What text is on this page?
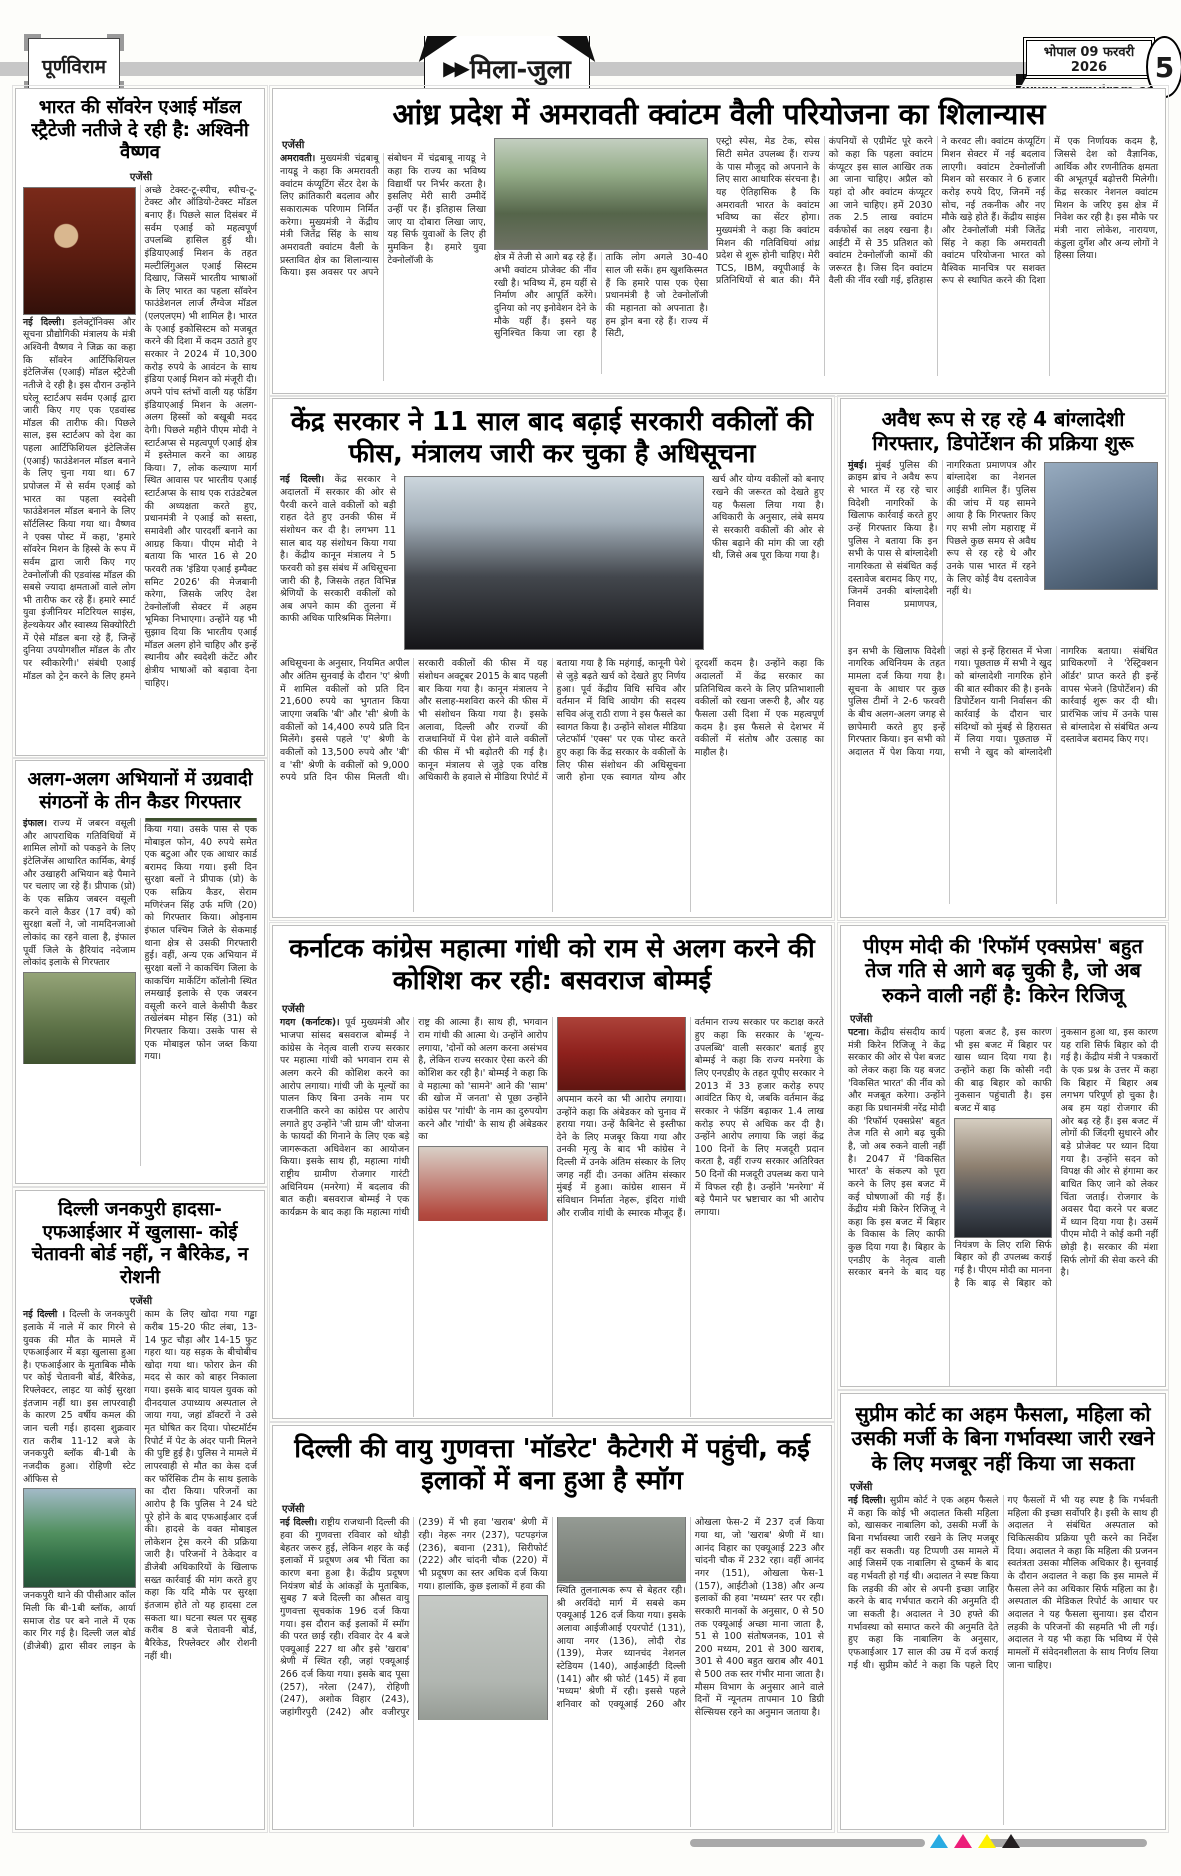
पूर्णविराम	▶▶ मिला-जुला
भोपाल 09 फरवरी 2026	5
भारत की सॉवरेन एआई मॉडल स्ट्रैटेजी नतीजे दे रही है: अश्विनी वैष्णव
एजेंसी
नई दिल्ली। इलेक्ट्रॉनिक्स और सूचना प्रौद्योगिकी मंत्रालय के मंत्री अश्विनी वैष्णव ने जिक्र का कहा कि सॉवरेन आर्टिफिशियल इंटेलिजेंस (एआई) मॉडल स्ट्रैटेजी नतीजे दे रही है। इस दौरान उन्होंने घरेलू स्टार्टअप सर्वम एआई द्वारा जारी किए गए एक एडवांस्ड मॉडल की तारीफ की। पिछले साल, इस स्टार्टअप को देश का पहला आर्टिफिशियल इंटेलिजेंस (एआई) फाउंडेशनल मॉडल बनाने के लिए चुना गया था। 67 प्रपोजल में से सर्वम एआई को भारत का पहला स्वदेसी फाउंडेशनल मॉडल बनाने के लिए सॉर्टलिस्ट किया गया था। वैष्णव ने एक्स पोस्ट में कहा, 'हमारे सॉवरेन मिशन के हिस्से के रूप में सर्वम द्वारा जारी किए गए टेक्नोलॉजी की एडवांस्ड मॉडल की सबसे ज्यादा क्षमताओं वाले लोग भी तारीफ कर रहे हैं। हमारे स्मार्ट युवा इंजीनियर मटिरियल साइंस, हेल्थकेयर और स्वास्थ्य सिक्योरिटी में ऐसे मॉडल बना रहे हैं, जिन्हें दुनिया उपयोगशील मॉडल के तौर पर स्वीकारेगी।' संबंधी एआई मॉडल को ट्रेन करने के लिए हमने अच्छे टेक्स्ट-टू-स्पीच, स्पीच-टू-टेक्स्ट और ऑडियो-टेक्स्ट मॉडल बनाए हैं। पिछले साल दिसंबर में सर्वम एआई को महत्वपूर्ण उपलब्धि हासिल हुई थी। इंडियाएआई मिशन के तहत मल्टीलिंगुअल एआई सिस्टम दिखाए, जिसमें भारतीय भाषाओं के लिए भारत का पहला सॉवरेन फाउंडेशनल लार्ज लैंग्वेज मॉडल (एलएलएम) भी शामिल है। भारत के एआई इकोसिस्टम को मजबूत करने की दिशा में कदम उठाते हुए सरकार ने 2024 में 10,300 करोड़ रुपये के आवंटन के साथ इंडिया एआई मिशन को मंजूरी दी। अपने पांच स्तंभों वाली यह फंडिंग इंडियाएआई मिशन के अलग-अलग हिस्सों को बखूबी मदद देगी। पिछले महीने पीएम मोदी ने स्टार्टअप्स से महत्वपूर्ण एआई क्षेत्र में इस्तेमाल करने का आग्रह किया। 7, लोक कल्याण मार्ग स्थित आवास पर भारतीय एआई स्टार्टअप्स के साथ एक राउंडटेबल की अध्यक्षता करते हुए, प्रधानमंत्री ने एआई को सस्ता, समावेशी और पारदर्शी बनाने का आग्रह किया। पीएम मोदी ने बताया कि भारत 16 से 20 फरवरी तक 'इंडिया एआई इम्पैक्ट समिट 2026' की मेजबानी करेगा, जिसके जरिए देश टेक्नोलॉजी सेक्टर में अहम भूमिका निभाएगा। उन्होंने यह भी सुझाव दिया कि भारतीय एआई मॉडल अलग होने चाहिए और इन्हें स्थानीय और स्वदेशी कंटेंट और क्षेत्रीय भाषाओं को बढ़ावा देना चाहिए।
आंध्र प्रदेश में अमरावती क्वांटम वैली परियोजना का शिलान्यास
एजेंसी
अमरावती। मुख्यमंत्री चंद्रबाबू नायडू ने कहा कि अमरावती क्वांटम कंप्यूटिंग सेंटर देश के लिए क्रांतिकारी बदलाव और सकारात्मक परिणाम निर्मित करेगा। मुख्यमंत्री ने केंद्रीय मंत्री जितेंद्र सिंह के साथ अमरावती क्वांटम वैली के प्रस्तावित क्षेत्र का शिलान्यास किया। इस अवसर पर अपने संबोधन में चंद्रबाबू नायडू ने कहा कि राज्य का भविष्य विद्यार्थी पर निर्भर करता है। इसलिए मेरी सारी उम्मीदें उन्हीं पर हैं। इतिहास लिखा जाए या दोबारा लिखा जाए, यह सिर्फ युवाओं के लिए ही मुमकिन है। हमारे युवा टेक्नोलॉजी के	क्षेत्र में तेजी से आगे बढ़ रहे हैं। अभी क्वांटम प्रोजेक्ट की नींव रखी है। भविष्य में, हम यहीं से निर्माण और आपूर्ति करेंगे। दुनिया को नए इनोवेशन देने के मौके यहीं हैं। इसने यह सुनिश्चित किया जा रहा है ताकि लोग अगले 30-40 साल जी सकें। हम खुशकिस्मत हैं कि हमारे पास एक ऐसा प्रधानमंत्री है जो टेक्नोलॉजी की महानता को अपनाता है। हम ड्रोन बना रहे हैं। राज्य में सिटी,
एस्ट्रो स्पेस, मेड टेक, स्पेस सिटी समेत उपलब्ध हैं। राज्य के पास मौजूद को अपनाने के लिए सारा आधारिक संरचना है। यह ऐतिहासिक है कि अमरावती भारत के क्वांटम भविष्य का सेंटर होगा। मुख्यमंत्री ने कहा कि क्वांटम मिशन की गतिविधियां आंध्र प्रदेश से शुरू होनी चाहिए। मेरी TCS, IBM, क्यूपीआई के प्रतिनिधियों से बात की। मैंने कंपनियों से एग्रीमेंट पूरे करने को कहा कि पहला क्वांटम कंप्यूटर इस साल आखिर तक आ जाना चाहिए। अप्रैल को यहां दो और क्वांटम कंप्यूटर आ जाने चाहिए। हमें 2030 तक 2.5 लाख क्वांटम वर्कफोर्स का लक्ष्य रखना है। आईटी में से 35 प्रतिशत को क्वांटम टेक्नोलॉजी कामों की जरूरत है। जिस दिन क्वांटम वैली की नींव रखी गई, इतिहास ने करवट ली। क्वांटम कंप्यूटिंग मिशन सेक्टर में नई बदलाव लाएगी। क्वांटम टेक्नोलॉजी मिशन को सरकार ने 6 हजार करोड़ रुपये दिए, जिनमें नई सोच, नई तकनीक और नए मौके खड़े होते हैं। केंद्रीय साइंस और टेक्नोलॉजी मंत्री जितेंद्र सिंह ने कहा कि अमरावती क्वांटम परियोजना भारत को वैश्विक मानचित्र पर सशक्त रूप से स्थापित करने की दिशा में एक निर्णायक कदम है, जिससे देश को वैज्ञानिक, आर्थिक और रणनीतिक क्षमता की अभूतपूर्व बढ़ोत्तरी मिलेगी। केंद्र सरकार नेशनल क्वांटम मिशन के जरिए इस क्षेत्र में निवेश कर रही है। इस मौके पर मंत्री नारा लोकेश, नारायण, कंडुला दुर्गेश और अन्य लोगों ने हिस्सा लिया।
केंद्र सरकार ने 11 साल बाद बढ़ाई सरकारी वकीलों की फीस, मंत्रालय जारी कर चुका है अधिसूचना
नई दिल्ली। केंद्र सरकार ने अदालतों में सरकार की ओर से पैरवी करने वाले वकीलों को बड़ी राहत देते हुए उनकी फीस में संशोधन कर दी है। लगभग 11 साल बाद यह संशोधन किया गया है। केंद्रीय कानून मंत्रालय ने 5 फरवरी को इस संबंध में अधिसूचना जारी की है, जिसके तहत विभिन्न श्रेणियों के सरकारी वकीलों को अब अपने काम की तुलना में काफी अधिक पारिश्रमिक मिलेगा।
खर्च और योग्य वकीलों को बनाए रखने की जरूरत को देखते हुए यह फैसला लिया गया है। अधिकारी के अनुसार, लंबे समय से सरकारी वकीलों की ओर से फीस बढ़ाने की मांग की जा रही थी, जिसे अब पूरा किया गया है।
अधिसूचना के अनुसार, नियमित अपील और अंतिम सुनवाई के दौरान 'ए' श्रेणी में शामिल वकीलों को प्रति दिन 21,600 रुपये का भुगतान किया जाएगा जबकि 'बी' और 'सी' श्रेणी के वकीलों को 14,400 रुपये प्रति दिन मिलेंगे। इससे पहले 'ए' श्रेणी के वकीलों को 13,500 रुपये और 'बी' व 'सी' श्रेणी के वकीलों को 9,000 रुपये प्रति दिन फीस मिलती थी। सरकारी वकीलों की फीस में यह संशोधन अक्टूबर 2015 के बाद पहली बार किया गया है। कानून मंत्रालय ने और सलाह-मशविरा करने की फीस में भी संशोधन किया गया है। इसके अलावा, दिल्ली और राज्यों की राजधानियों में पेश होने वाले वकीलों की फीस में भी बढ़ोतरी की गई है। कानून मंत्रालय से जुड़े एक वरिष्ठ अधिकारी के हवाले से मीडिया रिपोर्ट में बताया गया है कि महंगाई, कानूनी पेशे से जुड़े बढ़ते खर्च को देखते हुए निर्णय हुआ। पूर्व केंद्रीय विधि सचिव और वर्तमान में विधि आयोग की सदस्य सचिव अंजू राठी राणा ने इस फैसले का स्वागत किया है। उन्होंने सोशल मीडिया प्लेटफॉर्म 'एक्स' पर एक पोस्ट करते हुए कहा कि केंद्र सरकार के वकीलों के लिए फीस संशोधन की अधिसूचना जारी होना एक स्वागत योग्य और दूरदर्शी कदम है। उन्होंने कहा कि अदालतों में केंद्र सरकार का प्रतिनिधित्व करने के लिए प्रतिभाशाली वकीलों को रखना जरूरी है, और यह फैसला उसी दिशा में एक महत्वपूर्ण कदम है। इस फैसले से देशभर में वकीलों में संतोष और उत्साह का माहौल है।
अवैध रूप से रह रहे 4 बांग्लादेशी गिरफ्तार, डिपोर्टेशन की प्रक्रिया शुरू
मुंबई। मुंबई पुलिस की क्राइम ब्रांच ने अवैध रूप से भारत में रह रहे चार विदेशी नागरिकों के खिलाफ कार्रवाई करते हुए उन्हें गिरफ्तार किया है। पुलिस ने बताया कि इन सभी के पास से बांग्लादेशी नागरिकता से संबंधित कई दस्तावेज बरामद किए गए, जिनमें उनकी बांग्लादेशी निवास प्रमाणपत्र, नागरिकता प्रमाणपत्र और बांग्लादेश का नेशनल आईडी शामिल हैं। पुलिस की जांच में यह सामने आया है कि गिरफ्तार किए गए सभी लोग महाराष्ट्र में पिछले कुछ समय से अवैध रूप से रह रहे थे और उनके पास भारत में रहने के लिए कोई वैध दस्तावेज नहीं थे।
इन सभी के खिलाफ विदेशी नागरिक अधिनियम के तहत मामला दर्ज किया गया है। सूचना के आधार पर कुछ पुलिस टीमों ने 2-6 फरवरी के बीच अलग-अलग जगह से छापेमारी करते हुए इन्हें गिरफ्तार किया। इन सभी को अदालत में पेश किया गया, जहां से इन्हें हिरासत में भेजा गया। पूछताछ में सभी ने खुद को बांग्लादेशी नागरिक होने की बात स्वीकार की है। इनके डिपोर्टेशन यानी निर्वासन की कार्रवाई के दौरान चार संदिग्धों को मुंबई से हिरासत में लिया गया। पूछताछ में सभी ने खुद को बांग्लादेशी नागरिक बताया। संबंधित प्राधिकरणों ने 'रेस्ट्रिक्शन ऑर्डर' प्राप्त करते ही इन्हें वापस भेजने (डिपोर्टेशन) की कार्रवाई शुरू कर दी थी। प्रारंभिक जांच में उनके पास से बांग्लादेश से संबंधित अन्य दस्तावेज बरामद किए गए।
अलग-अलग अभियानों में उग्रवादी संगठनों के तीन कैडर गिरफ्तार
इंफाल। राज्य में जबरन वसूली और आपराधिक गतिविधियों में शामिल लोगों को पकड़ने के लिए इंटेलिजेंस आधारित कार्मिक, बेगई और उखाहरी अभियान बड़े पैमाने पर चलाए जा रहे हैं। प्रीपाक (प्रो) के एक सक्रिय जबरन वसूली करने वाले कैडर (17 वर्ष) को सुरक्षा बलों ने, जो नामदिनजाओ लोकांद का रहने वाला है, इंफाल पूर्वी जिले के हैरियांद नदेजाम लोकांद इलाके से गिरफ्तार
किया गया। उसके पास से एक मोबाइल फोन, 40 रुपये समेत एक बटुआ और एक आधार कार्ड बरामद किया गया। इसी दिन सुरक्षा बलों ने प्रीपाक (प्रो) के एक सक्रिय कैडर, सेराम मणिरंजन सिंह उर्फ मणि (20) को गिरफ्तार किया। ओइनाम इंफाल पश्चिम जिले के सेकमाई थाना क्षेत्र से उसकी गिरफ्तारी हुई। वहीं, अन्य एक अभियान में सुरक्षा बलों ने काकचिंग जिला के काकचिंग मार्केटिंग कॉलोनी स्थित लमखाई इलाके से एक जबरन वसूली करने वाले केसीपी कैडर तखेलंबम मोहन सिंह (31) को गिरफ्तार किया। उसके पास से एक मोबाइल फोन जब्त किया गया।
कर्नाटक कांग्रेस महात्मा गांधी को राम से अलग करने की कोशिश कर रही: बसवराज बोम्मई
एजेंसी
गदग (कर्नाटक)। पूर्व मुख्यमंत्री और भाजपा सांसद बसवराज बोम्मई ने कांग्रेस के नेतृत्व वाली राज्य सरकार पर महात्मा गांधी को भगवान राम से अलग करने की कोशिश करने का आरोप लगाया। गांधी जी के मूल्यों का पालन किए बिना उनके नाम पर राजनीति करने का कांग्रेस पर आरोप लगाते हुए उन्होंने 'जी ग्राम जी' योजना के फायदों की गिनाने के लिए एक बड़े जागरूकता अधिवेशन का आयोजन किया। इसके साथ ही, महात्मा गांधी राष्ट्रीय ग्रामीण रोजगार गारंटी अधिनियम (मनरेगा) में बदलाव की बात कही। बसवराज बोम्मई ने एक कार्यक्रम के बाद कहा कि महात्मा गांधी राष्ट्र की आत्मा हैं। साथ ही, भगवान राम गांधी की आत्मा थे। उन्होंने आरोप लगाया, 'दोनों को अलग करना असंभव है, लेकिन राज्य सरकार ऐसा करने की कोशिश कर रही है।' बोम्मई ने कहा कि वे महात्मा को 'सामने' आने की 'साम' की खोज में जनता' से पूछा उन्होंने कांग्रेस पर 'गांधी' के नाम का दुरुपयोग करने और 'गांधी' के साथ ही अंबेडकर का
अपमान करने का भी आरोप लगाया। उन्होंने कहा कि अंबेडकर को चुनाव में हराया गया। उन्हें कैबिनेट से इस्तीफा देने के लिए मजबूर किया गया और उनकी मृत्यु के बाद भी कांग्रेस ने दिल्ली में उनके अंतिम संस्कार के लिए जगह नहीं दी। उनका अंतिम संस्कार मुंबई में हुआ। कांग्रेस शासन में संविधान निर्माता नेहरू, इंदिरा गांधी और राजीव गांधी के स्मारक मौजूद हैं। वर्तमान राज्य सरकार पर कटाक्ष करते हुए कहा कि सरकार के 'शून्य-उपलब्धि' वाली सरकार' बताई हुए बोम्मई ने कहा कि राज्य मनरेगा के लिए एनएडीए के तहत यूपीए सरकार ने 2013 में 33 हजार करोड़ रुपए आवंटित किए थे, जबकि वर्तमान केंद्र सरकार ने फंडिंग बढ़ाकर 1.4 लाख करोड़ रुपए से अधिक कर दी है। उन्होंने आरोप लगाया कि जहां केंद्र 100 दिनों के लिए मजदूरी प्रदान करता है, वहीं राज्य सरकार अतिरिक्त 50 दिनों की मजदूरी उपलब्ध करा पाने में विफल रही है। उन्होंने 'मनरेगा' में बड़े पैमाने पर भ्रष्टाचार का भी आरोप लगाया।
पीएम मोदी की 'रिफॉर्म एक्सप्रेस' बहुत तेज गति से आगे बढ़ चुकी है, जो अब रुकने वाली नहीं है: किरेन रिजिजू
एजेंसी
पटना। केंद्रीय संसदीय कार्य मंत्री किरेन रिजिजू ने केंद्र सरकार की ओर से पेश बजट को लेकर कहा कि यह बजट 'विकसित भारत' की नींव को और मजबूत करेगा। उन्होंने कहा कि प्रधानमंत्री नरेंद्र मोदी की 'रिफॉर्म एक्सप्रेस' बहुत तेज गति से आगे बढ़ चुकी है, जो अब रुकने वाली नहीं है। 2047 में 'विकसित भारत' के संकल्प को पूरा करने के लिए इस बजट में कई घोषणाओं की गई हैं। केंद्रीय मंत्री किरेन रिजिजू ने कहा कि इस बजट में बिहार के विकास के लिए काफी कुछ दिया गया है। बिहार के एनडीए के नेतृत्व वाली सरकार बनने के बाद यह पहला बजट है, इस कारण भी इस बजट में बिहार पर खास ध्यान दिया गया है। उन्होंने कहा कि कोसी नदी की बाढ़ बिहार को काफी नुकसान पहुंचाती है। इस बजट में बाढ़
नियंत्रण के लिए राशि सिर्फ बिहार को ही उपलब्ध कराई गई है। पीएम मोदी का मानना है कि बाढ़ से बिहार को नुकसान हुआ था, इस कारण यह राशि सिर्फ बिहार को दी गई है। केंद्रीय मंत्री ने पत्रकारों के एक प्रश्न के उत्तर में कहा कि बिहार में बिहार अब लगभग परिपूर्ण हो चुका है। अब हम यहां रोजगार की ओर बढ़ रहे हैं। इस बजट में लोगों की जिंदगी सुधारने और बड़े प्रोजेक्ट पर ध्यान दिया गया है। उन्होंने सदन को विपक्ष की ओर से हंगामा कर बाधित किए जाने को लेकर चिंता जताई। रोजगार के अवसर पैदा करने पर बजट में ध्यान दिया गया है। उसमें पीएम मोदी ने कोई कमी नहीं छोड़ी है। सरकार की मंशा सिर्फ लोगों की सेवा करने की है।
दिल्ली जनकपुरी हादसा- एफआईआर में खुलासा- कोई चेतावनी बोर्ड नहीं, न बैरिकेड, न रोशनी
एजेंसी
नई दिल्ली । दिल्ली के जनकपुरी इलाके में नाले में कार गिरने से युवक की मौत के मामले में एफआईआर में बड़ा खुलासा हुआ है। एफआईआर के मुताबिक मौके पर कोई चेतावनी बोर्ड, बैरिकेड, रिफ्लेक्टर, लाइट या कोई सुरक्षा इंतजाम नहीं था। इस लापरवाही के कारण 25 वर्षीय कमल की जान चली गई। हादसा शुक्रवार रात करीब 11-12 बजे के जनकपुरी ब्लॉक बी-1बी के नजदीक हुआ। रोहिणी स्टेट ऑफिस से
जनकपुरी थाने की पीसीआर कॉल मिली कि बी-1बी ब्लॉक, आर्या समाज रोड पर बने नाले में एक कार गिर गई है। दिल्ली जल बोर्ड (डीजेबी) द्वारा सीवर लाइन के काम के लिए खोदा गया गड्ढा करीब 15-20 फीट लंबा, 13-14 फुट चौड़ा और 14-15 फुट गहरा था। यह सड़क के बीचोबीच खोदा गया था। फोरार क्रेन की मदद से कार को बाहर निकाला गया। इसके बाद घायल युवक को दीनदयाल उपाध्याय अस्पताल ले जाया गया, जहां डॉक्टरों ने उसे मृत घोषित कर दिया। पोस्टमॉर्टम रिपोर्ट में पेट के अंदर पानी मिलने की पुष्टि हुई है। पुलिस ने मामले में लापरवाही से मौत का केस दर्ज कर फॉरेंसिक टीम के साथ इलाके का दौरा किया। परिजनों का आरोप है कि पुलिस ने 24 घंटे पूरे होने के बाद एफआईआर दर्ज की। हादसे के वक्त मोबाइल लोकेशन ट्रेस करने की प्रक्रिया जारी है। परिजनों ने ठेकेदार व डीजेबी अधिकारियों के खिलाफ सख्त कार्रवाई की मांग करते हुए कहा कि यदि मौके पर सुरक्षा इंतजाम होते तो यह हादसा टल सकता था। घटना स्थल पर सुबह करीब 8 बजे चेतावनी बोर्ड, बैरिकेड, रिफ्लेक्टर और रोशनी नहीं थी।
दिल्ली की वायु गुणवत्ता 'मॉडरेट' कैटेगरी में पहुंची, कई इलाकों में बना हुआ है स्मॉग
एजेंसी
नई दिल्ली। राष्ट्रीय राजधानी दिल्ली की हवा की गुणवत्ता रविवार को थोड़ी बेहतर जरूर हुई, लेकिन शहर के कई इलाकों में प्रदूषण अब भी चिंता का कारण बना हुआ है। केंद्रीय प्रदूषण नियंत्रण बोर्ड के आंकड़ों के मुताबिक, सुबह 7 बजे दिल्ली का औसत वायु गुणवत्ता सूचकांक 196 दर्ज किया गया। इस दौरान कई इलाकों में स्मॉग की परत छाई रही। रविवार देर 4 बजे एक्यूआई 227 था और इसे 'खराब' श्रेणी में स्थित रही, जहां एक्यूआई 266 दर्ज किया गया। इसके बाद पूसा (257), नरेला (247), रोहिणी (247), अशोक विहार (243), जहांगीरपुरी (242) और वजीरपुर (239) में भी हवा 'खराब' श्रेणी में रही। नेहरू नगर (237), पटपड़गंज (236), बवाना (231), सिरीफोर्ट (222) और चांदनी चौक (220) में भी प्रदूषण का स्तर अधिक दर्ज किया गया। हालांकि, कुछ इलाकों में हवा की स्थिति तुलनात्मक रूप से बेहतर रही। श्री अरविंदो मार्ग में सबसे कम एक्यूआई 126 दर्ज किया गया। इसके अलावा आईजीआई एयरपोर्ट (131), आया नगर (136), लोदी रोड (139), मेजर ध्यानचंद नेशनल स्टेडियम (140), आईआईटी दिल्ली (141) और श्री फोर्ट (145) में हवा 'मध्यम' श्रेणी में रही। इससे पहले शनिवार को एक्यूआई 260 और ओखला फेस-2 में 237 दर्ज किया गया था, जो 'खराब' श्रेणी में था। आनंद विहार का एक्यूआई 223 और चांदनी चौक में 232 रहा। वहीं आनंद नगर (151), ओखला फेस-1 (157), आईटीओ (138) और अन्य इलाकों की हवा 'मध्यम' स्तर पर रही। सरकारी मानकों के अनुसार, 0 से 50 तक एक्यूआई अच्छा माना जाता है, 51 से 100 संतोषजनक, 101 से 200 मध्यम, 201 से 300 खराब, 301 से 400 बहुत खराब और 401 से 500 तक स्तर गंभीर माना जाता है। मौसम विभाग के अनुसार आने वाले दिनों में न्यूनतम तापमान 10 डिग्री सेल्सियस रहने का अनुमान जताया है।
सुप्रीम कोर्ट का अहम फैसला, महिला को उसकी मर्जी के बिना गर्भावस्था जारी रखने के लिए मजबूर नहीं किया जा सकता
एजेंसी
नई दिल्ली। सुप्रीम कोर्ट ने एक अहम फैसले में कहा कि कोई भी अदालत किसी महिला को, खासकर नाबालिग को, उसकी मर्जी के बिना गर्भावस्था जारी रखने के लिए मजबूर नहीं कर सकती। यह टिप्पणी उस मामले में आई जिसमें एक नाबालिग से दुष्कर्म के बाद वह गर्भवती हो गई थी। अदालत ने स्पष्ट किया कि लड़की की ओर से अपनी इच्छा जाहिर करने के बाद गर्भपात कराने की अनुमति दी जा सकती है। अदालत ने 30 हफ्ते की गर्भावस्था को समाप्त करने की अनुमति देते हुए कहा कि नाबालिग के अनुसार, एफआईआर 17 साल की उम्र में दर्ज कराई गई थी। सुप्रीम कोर्ट ने कहा कि पहले दिए गए फैसलों में भी यह स्पष्ट है कि गर्भवती महिला की इच्छा सर्वोपरि है। इसी के साथ ही अदालत ने संबंधित अस्पताल को चिकित्सकीय प्रक्रिया पूरी करने का निर्देश दिया। अदालत ने कहा कि महिला की प्रजनन स्वतंत्रता उसका मौलिक अधिकार है। सुनवाई के दौरान अदालत ने कहा कि इस मामले में फैसला लेने का अधिकार सिर्फ महिला का है। अस्पताल की मेडिकल रिपोर्ट के आधार पर अदालत ने यह फैसला सुनाया। इस दौरान लड़की के परिजनों की सहमति भी ली गई। अदालत ने यह भी कहा कि भविष्य में ऐसे मामलों में संवेदनशीलता के साथ निर्णय लिया जाना चाहिए।
